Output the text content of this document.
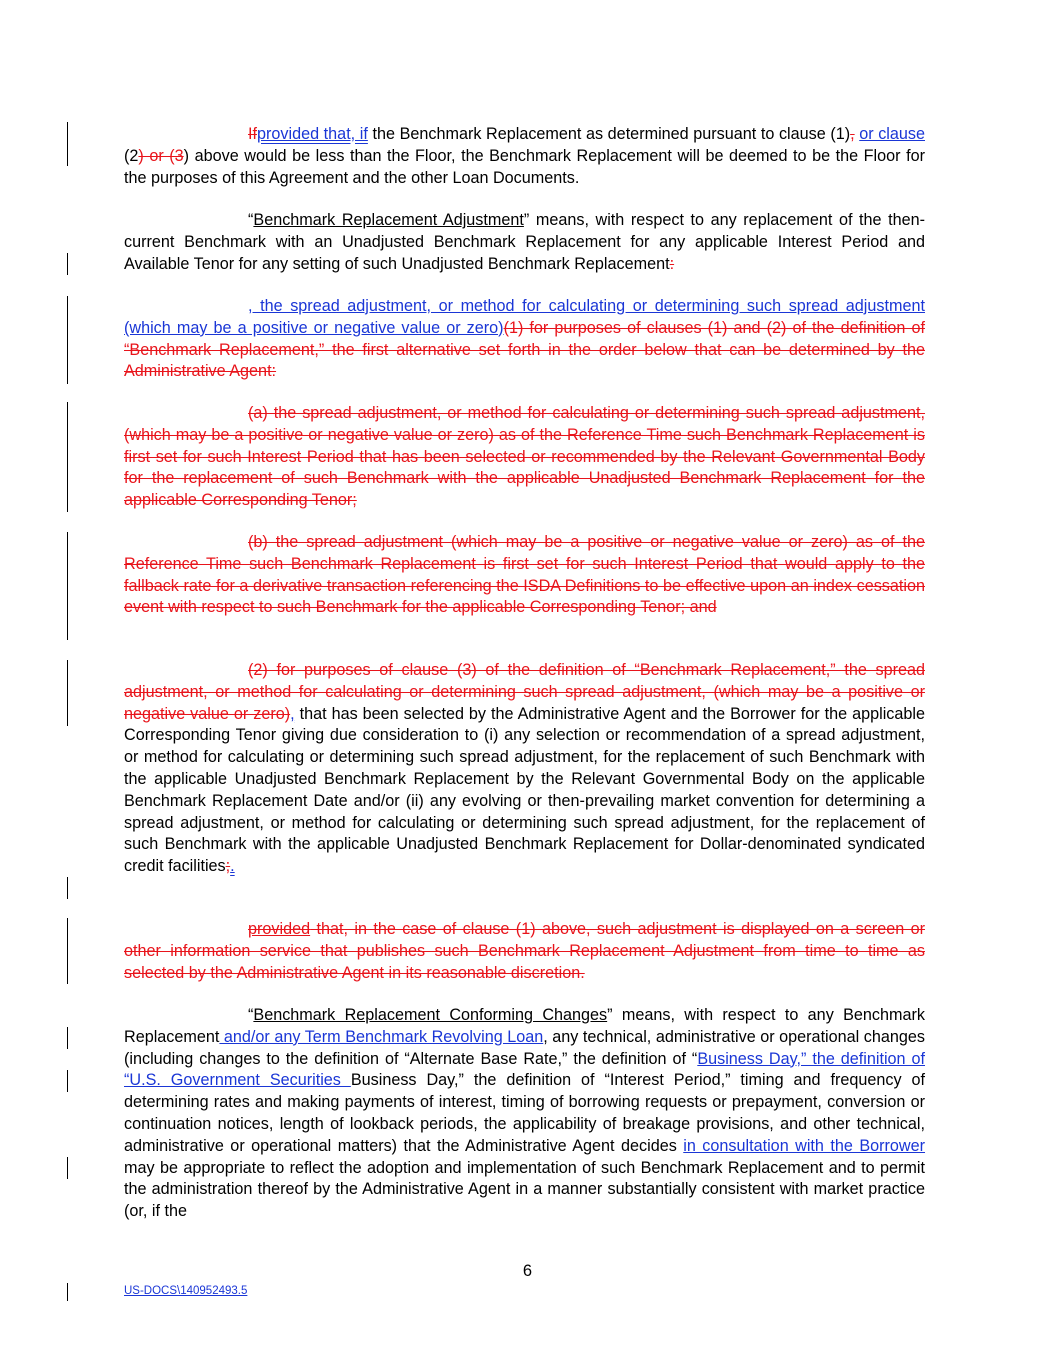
Ifprovided that, if the Benchmark Replacement as determined pursuant to clause (1), or clause (2) or (3) above would be less than the Floor, the Benchmark Replacement will be deemed to be the Floor for the purposes of this Agreement and the other Loan Documents.

“Benchmark Replacement Adjustment” means, with respect to any replacement of the then-current Benchmark with an Unadjusted Benchmark Replacement for any applicable Interest Period and Available Tenor for any setting of such Unadjusted Benchmark Replacement:

, the spread adjustment, or method for calculating or determining such spread adjustment (which may be a positive or negative value or zero)(1) for purposes of clauses (1) and (2) of the definition of “Benchmark Replacement,” the first alternative set forth in the order below that can be determined by the Administrative Agent:

(a) the spread adjustment, or method for calculating or determining such spread adjustment, (which may be a positive or negative value or zero) as of the Reference Time such Benchmark Replacement is first set for such Interest Period that has been selected or recommended by the Relevant Governmental Body for the replacement of such Benchmark with the applicable Unadjusted Benchmark Replacement for the applicable Corresponding Tenor;

(b) the spread adjustment (which may be a positive or negative value or zero) as of the Reference Time such Benchmark Replacement is first set for such Interest Period that would apply to the fallback rate for a derivative transaction referencing the ISDA Definitions to be effective upon an index cessation event with respect to such Benchmark for the applicable Corresponding Tenor; and

(2) for purposes of clause (3) of the definition of “Benchmark Replacement,” the spread adjustment, or method for calculating or determining such spread adjustment, (which may be a positive or negative value or zero), that has been selected by the Administrative Agent and the Borrower for the applicable Corresponding Tenor giving due consideration to (i) any selection or recommendation of a spread adjustment, or method for calculating or determining such spread adjustment, for the replacement of such Benchmark with the applicable Unadjusted Benchmark Replacement by the Relevant Governmental Body on the applicable Benchmark Replacement Date and/or (ii) any evolving or then-prevailing market convention for determining a spread adjustment, or method for calculating or determining such spread adjustment, for the replacement of such Benchmark with the applicable Unadjusted Benchmark Replacement for Dollar-denominated syndicated credit facilities;.

provided that, in the case of clause (1) above, such adjustment is displayed on a screen or other information service that publishes such Benchmark Replacement Adjustment from time to time as selected by the Administrative Agent in its reasonable discretion.

“Benchmark Replacement Conforming Changes” means, with respect to any Benchmark Replacement and/or any Term Benchmark Revolving Loan, any technical, administrative or operational changes (including changes to the definition of “Alternate Base Rate,” the definition of “Business Day,” the definition of “U.S. Government Securities Business Day,” the definition of “Interest Period,” timing and frequency of determining rates and making payments of interest, timing of borrowing requests or prepayment, conversion or continuation notices, length of lookback periods, the applicability of breakage provisions, and other technical, administrative or operational matters) that the Administrative Agent decides in consultation with the Borrower may be appropriate to reflect the adoption and implementation of such Benchmark Replacement and to permit the administration thereof by the Administrative Agent in a manner substantially consistent with market practice (or, if the

6
US-DOCS\140952493.5
